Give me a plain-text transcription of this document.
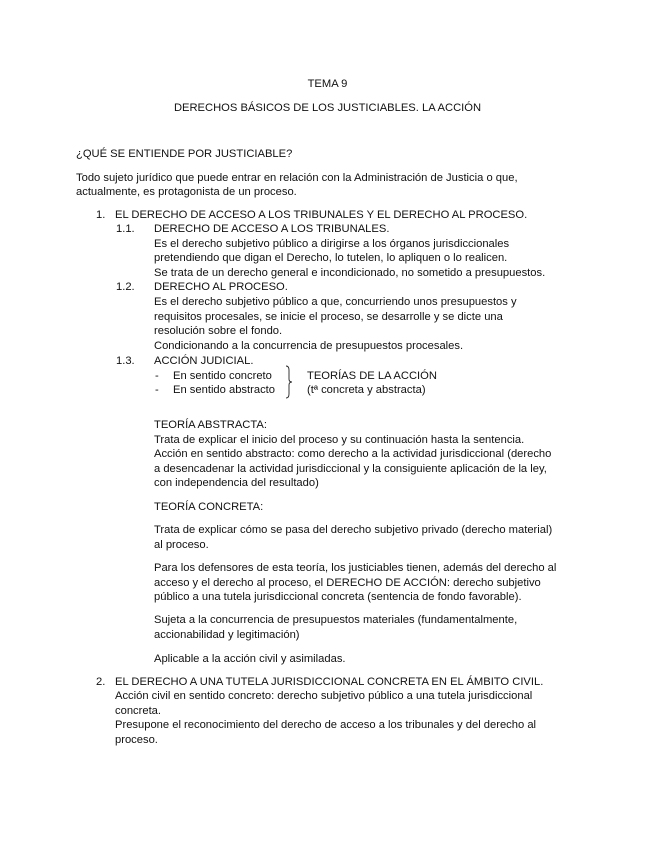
TEMA 9
DERECHOS BÁSICOS DE LOS JUSTICIABLES. LA ACCIÓN
¿QUÉ SE ENTIENDE POR JUSTICIABLE?
Todo sujeto jurídico que puede entrar en relación con la Administración de Justicia o que,
actualmente, es protagonista de un proceso.
1. EL DERECHO DE ACCESO A LOS TRIBUNALES Y EL DERECHO AL PROCESO.
1.1. DERECHO DE ACCESO A LOS TRIBUNALES.
Es el derecho subjetivo público a dirigirse a los órganos jurisdiccionales
pretendiendo que digan el Derecho, lo tutelen, lo apliquen o lo realicen.
Se trata de un derecho general e incondicionado, no sometido a presupuestos.
1.2. DERECHO AL PROCESO.
Es el derecho subjetivo público a que, concurriendo unos presupuestos y
requisitos procesales, se inicie el proceso, se desarrolle y se dicte una
resolución sobre el fondo.
Condicionando a la concurrencia de presupuestos procesales.
1.3. ACCIÓN JUDICIAL.
- En sentido concreto
- En sentido abstracto
TEORÍAS DE LA ACCIÓN
(tª concreta y abstracta)
TEORÍA ABSTRACTA:
Trata de explicar el inicio del proceso y su continuación hasta la sentencia.
Acción en sentido abstracto: como derecho a la actividad jurisdiccional (derecho
a desencadenar la actividad jurisdiccional y la consiguiente aplicación de la ley,
con independencia del resultado)
TEORÍA CONCRETA:
Trata de explicar cómo se pasa del derecho subjetivo privado (derecho material)
al proceso.
Para los defensores de esta teoría, los justiciables tienen, además del derecho al
acceso y el derecho al proceso, el DERECHO DE ACCIÓN: derecho subjetivo
público a una tutela jurisdiccional concreta (sentencia de fondo favorable).
Sujeta a la concurrencia de presupuestos materiales (fundamentalmente,
accionabilidad y legitimación)
Aplicable a la acción civil y asimiladas.
2. EL DERECHO A UNA TUTELA JURISDICCIONAL CONCRETA EN EL ÁMBITO CIVIL.
Acción civil en sentido concreto: derecho subjetivo público a una tutela jurisdiccional
concreta.
Presupone el reconocimiento del derecho de acceso a los tribunales y del derecho al
proceso.
